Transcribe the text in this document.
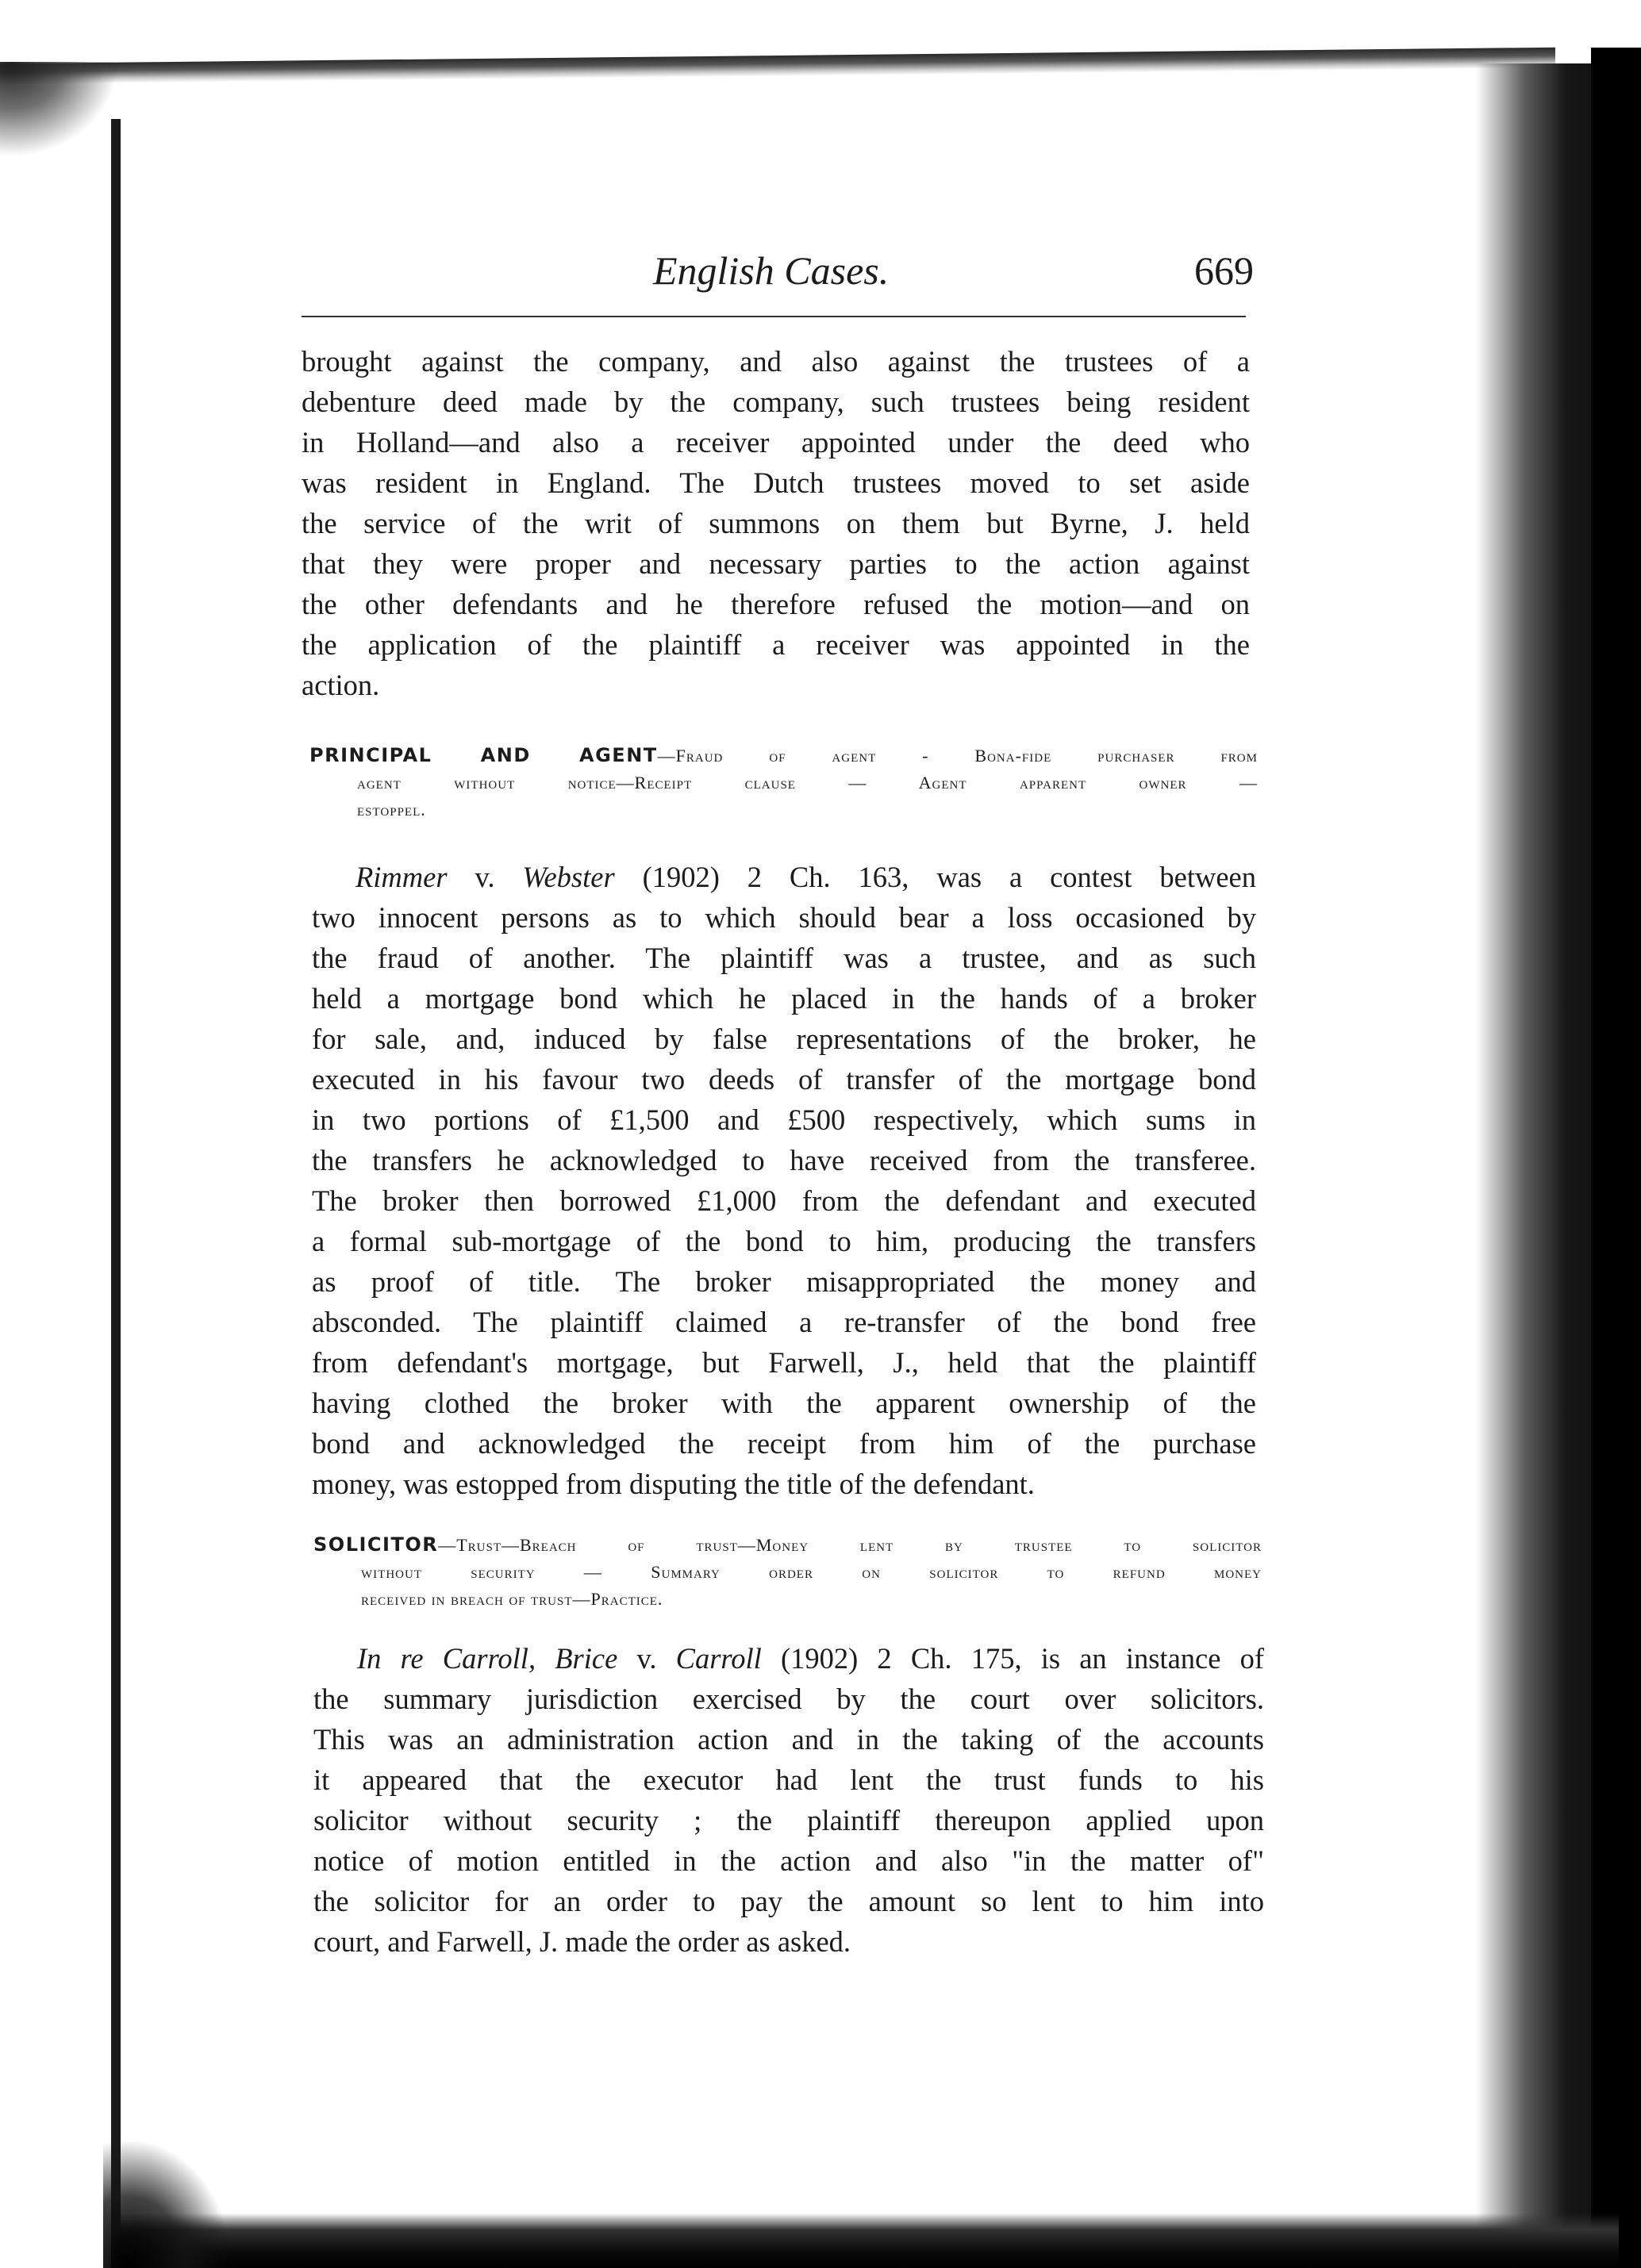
English Cases.	669
brought against the company, and also against the trustees of a
debenture deed made by the company, such trustees being resident
in Holland—and also a receiver appointed under the deed who
was resident in England. The Dutch trustees moved to set aside
the service of the writ of summons on them but Byrne, J. held
that they were proper and necessary parties to the action against
the other defendants and he therefore refused the motion—and on
the application of the plaintiff a receiver was appointed in the
action.
PRINCIPAL AND AGENT—Fraud of agent - Bona-fide purchaser from
agent without notice—Receipt clause — Agent apparent owner —
estoppel.
Rimmer v. Webster (1902) 2 Ch. 163, was a contest between
two innocent persons as to which should bear a loss occasioned by
the fraud of another. The plaintiff was a trustee, and as such
held a mortgage bond which he placed in the hands of a broker
for sale, and, induced by false representations of the broker, he
executed in his favour two deeds of transfer of the mortgage bond
in two portions of £1,500 and £500 respectively, which sums in
the transfers he acknowledged to have received from the transferee.
The broker then borrowed £1,000 from the defendant and executed
a formal sub-mortgage of the bond to him, producing the transfers
as proof of title. The broker misappropriated the money and
absconded. The plaintiff claimed a re-transfer of the bond free
from defendant's mortgage, but Farwell, J., held that the plaintiff
having clothed the broker with the apparent ownership of the
bond and acknowledged the receipt from him of the purchase
money, was estopped from disputing the title of the defendant.
SOLICITOR—Trust—Breach of trust—Money lent by trustee to solicitor
without security — Summary order on solicitor to refund money
received in breach of trust—Practice.
In re Carroll, Brice v. Carroll (1902) 2 Ch. 175, is an instance of
the summary jurisdiction exercised by the court over solicitors.
This was an administration action and in the taking of the accounts
it appeared that the executor had lent the trust funds to his
solicitor without security ; the plaintiff thereupon applied upon
notice of motion entitled in the action and also "in the matter of"
the solicitor for an order to pay the amount so lent to him into
court, and Farwell, J. made the order as asked.
